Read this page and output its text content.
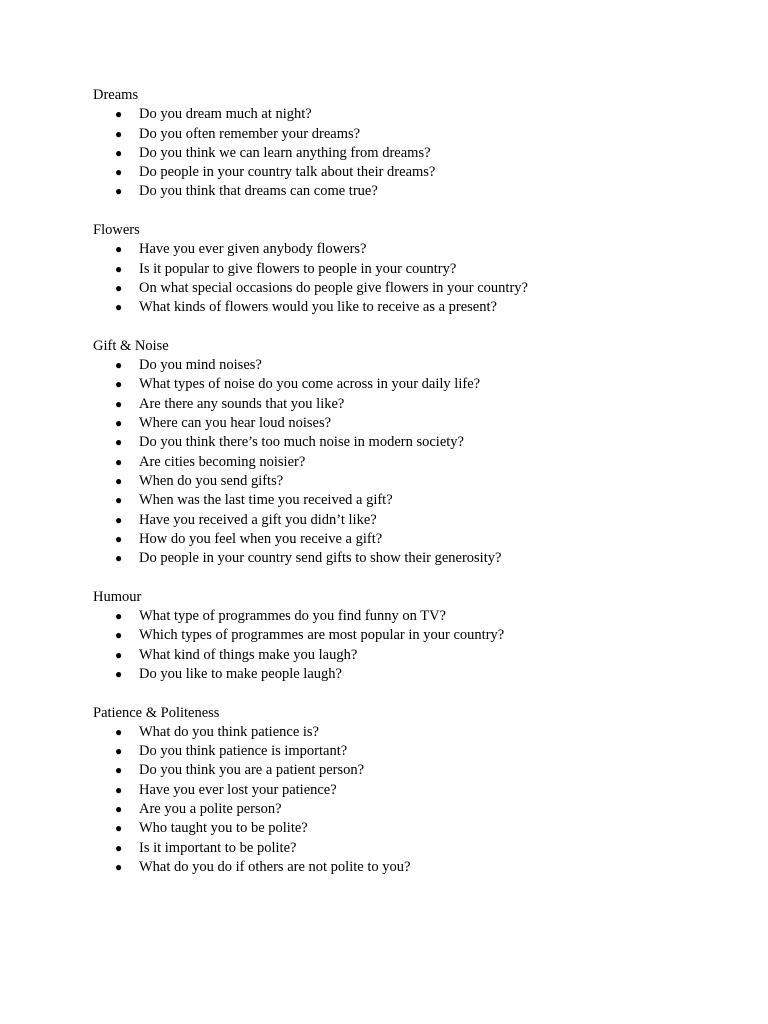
Dreams
● Do you dream much at night?
● Do you often remember your dreams?
● Do you think we can learn anything from dreams?
● Do people in your country talk about their dreams?
● Do you think that dreams can come true?
Flowers
● Have you ever given anybody flowers?
● Is it popular to give flowers to people in your country?
● On what special occasions do people give flowers in your country?
● What kinds of flowers would you like to receive as a present?
Gift & Noise
● Do you mind noises?
● What types of noise do you come across in your daily life?
● Are there any sounds that you like?
● Where can you hear loud noises?
● Do you think there’s too much noise in modern society?
● Are cities becoming noisier?
● When do you send gifts?
● When was the last time you received a gift?
● Have you received a gift you didn’t like?
● How do you feel when you receive a gift?
● Do people in your country send gifts to show their generosity?
Humour
● What type of programmes do you find funny on TV?
● Which types of programmes are most popular in your country?
● What kind of things make you laugh?
● Do you like to make people laugh?
Patience & Politeness
● What do you think patience is?
● Do you think patience is important?
● Do you think you are a patient person?
● Have you ever lost your patience?
● Are you a polite person?
● Who taught you to be polite?
● Is it important to be polite?
● What do you do if others are not polite to you?
